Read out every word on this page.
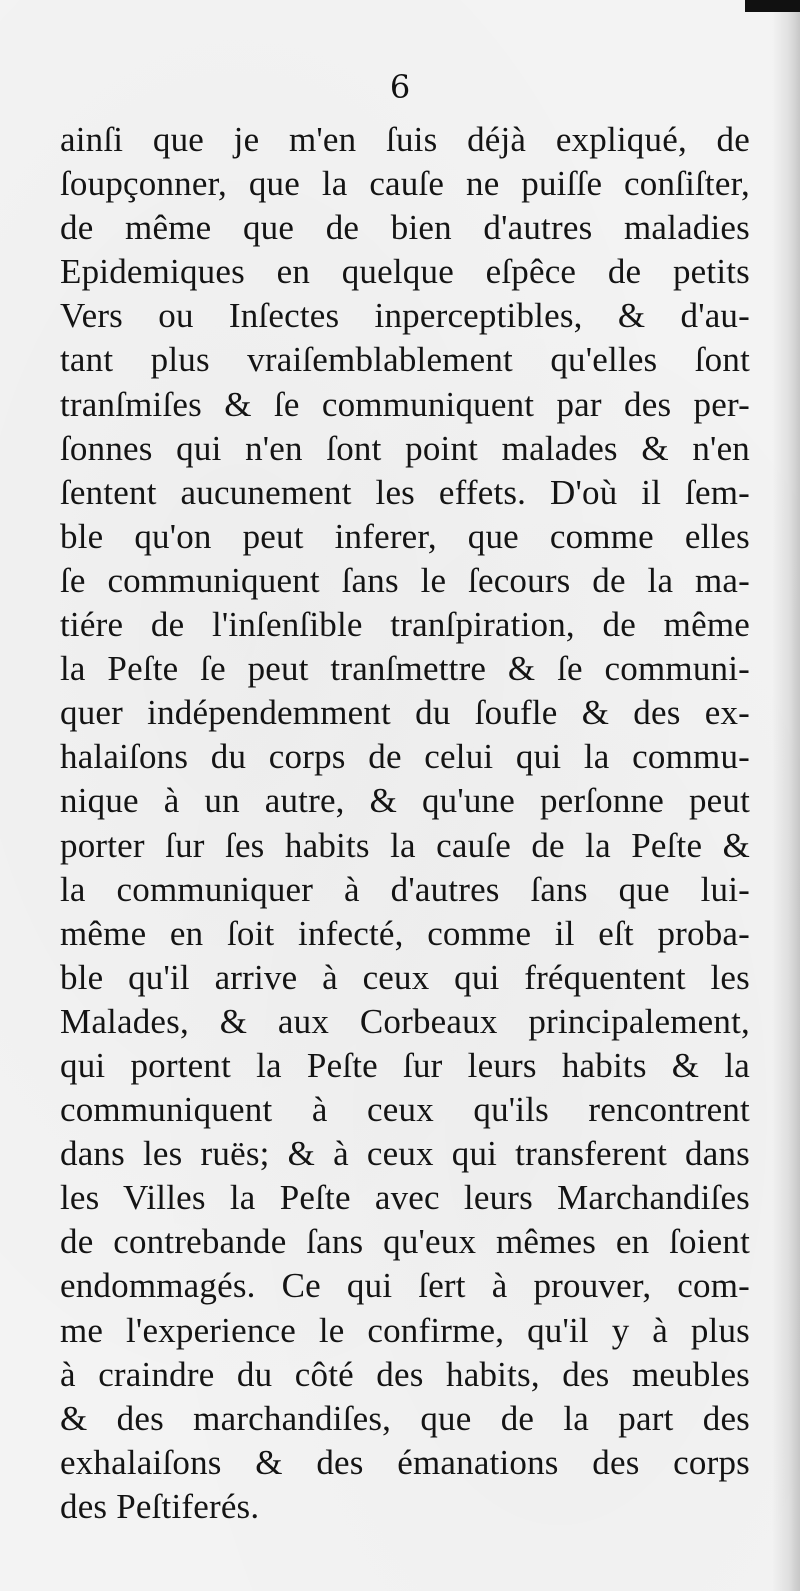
6
ainſi que je m'en ſuis déjà expliqué, de
ſoupçonner, que la cauſe ne puiſſe conſiſter,
de même que de bien d'autres maladies
Epidemiques en quelque eſpêce de petits
Vers ou Inſectes inperceptibles, & d'au-
tant plus vraiſemblablement qu'elles ſont
tranſmiſes & ſe communiquent par des per-
ſonnes qui n'en ſont point malades & n'en
ſentent aucunement les effets. D'où il ſem-
ble qu'on peut inferer, que comme elles
ſe communiquent ſans le ſecours de la ma-
tiére de l'inſenſible tranſpiration, de même
la Peſte ſe peut tranſmettre & ſe communi-
quer indépendemment du ſoufle & des ex-
halaiſons du corps de celui qui la commu-
nique à un autre, & qu'une perſonne peut
porter ſur ſes habits la cauſe de la Peſte &
la communiquer à d'autres ſans que lui-
même en ſoit infecté, comme il eſt proba-
ble qu'il arrive à ceux qui fréquentent les
Malades, & aux Corbeaux principalement,
qui portent la Peſte ſur leurs habits & la
communiquent à ceux qu'ils rencontrent
dans les ruës; & à ceux qui transferent dans
les Villes la Peſte avec leurs Marchandiſes
de contrebande ſans qu'eux mêmes en ſoient
endommagés. Ce qui ſert à prouver, com-
me l'experience le confirme, qu'il y à plus
à craindre du côté des habits, des meubles
& des marchandiſes, que de la part des
exhalaiſons & des émanations des corps
des Peſtiferés.
